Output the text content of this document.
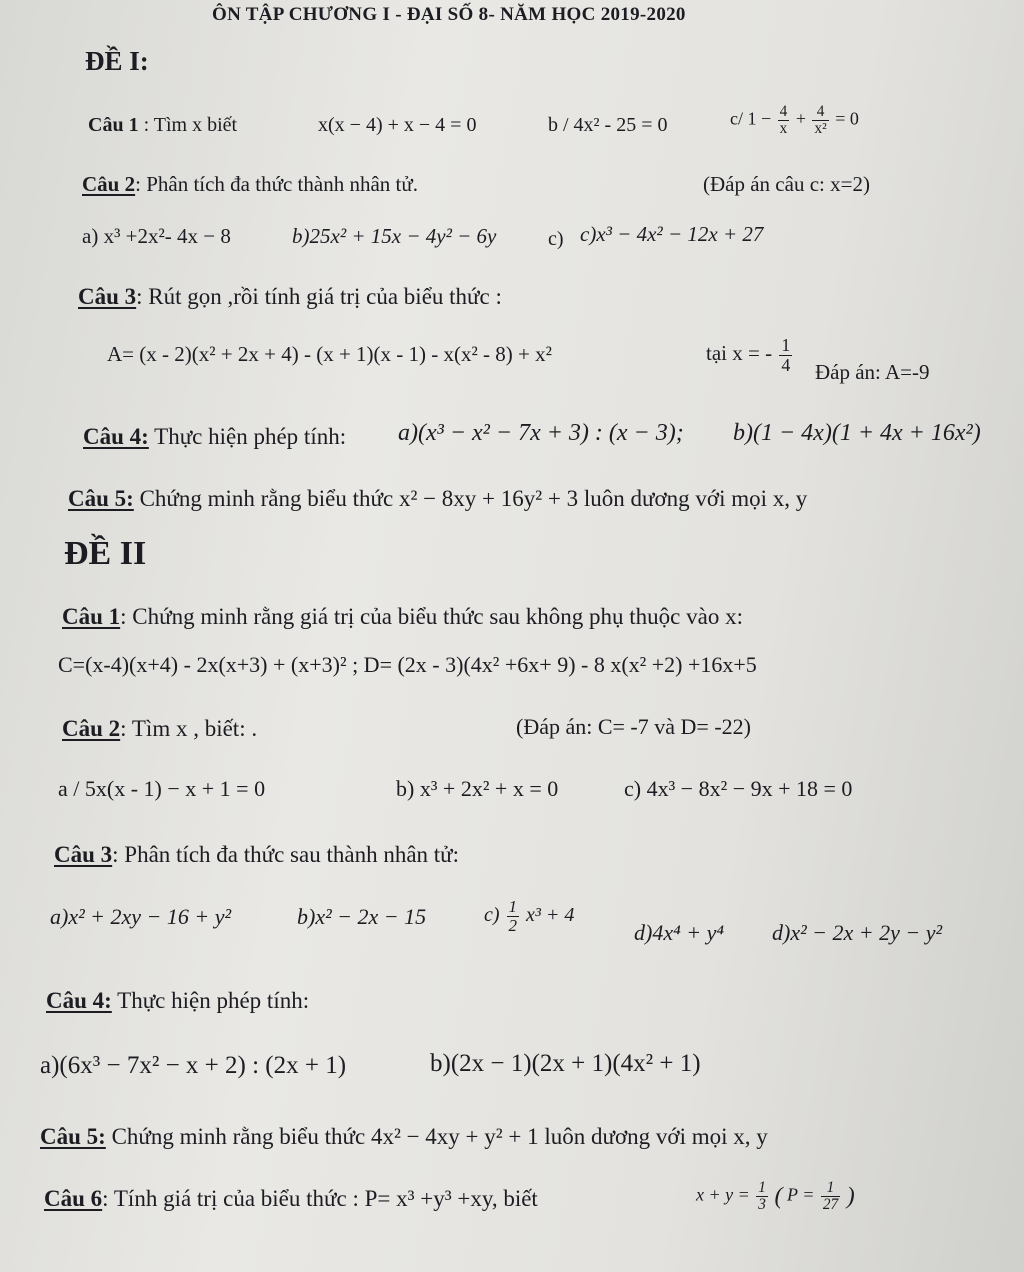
ÔN TẬP CHƯƠNG I - ĐẠI SỐ 8- NĂM HỌC 2019-2020
ĐỀ I:
Câu 1 : Tìm x biết	x(x − 4) + x − 4 = 0	b / 4x² - 25 = 0	c/ $1 - \frac{4}{x} + \frac{4}{\text{x²}} = 0$
Câu 2: Phân tích đa thức thành nhân tử.	(Đáp án câu c: x=2)
a) x³ +2x²- 4x − 8	b)25x² + 15x − 4y² − 6y	c) c)x³ − 4x² − 12x + 27
Câu 3: Rút gọn ,rồi tính giá trị của biểu thức :
A= (x - 2)(x² + 2x + 4) - (x + 1)(x - 1) - x(x² - 8) + x²	tại x = - $\frac{1}{4}$ Đáp án: A=-9
Câu 4: Thực hiện phép tính: a)(x³ − x² − 7x + 3) : (x − 3); b)(1 − 4x)(1 + 4x + 16x²)
Câu 5: Chứng minh rằng biểu thức x² − 8xy + 16y² + 3 luôn dương với mọi x, y
ĐỀ II
Câu 1: Chứng minh rằng giá trị của biểu thức sau không phụ thuộc vào x:
C=(x-4)(x+4) - 2x(x+3) + (x+3)² ; D= (2x - 3)(4x² +6x+ 9) - 8 x(x² +2) +16x+5
Câu 2: Tìm x , biết: .	(Đáp án: C= -7 và D= -22)
a / 5x(x - 1) − x + 1 = 0	b) x³ + 2x² + x = 0	c) 4x³ − 8x² − 9x + 18 = 0
Câu 3: Phân tích đa thức sau thành nhân tử:
a)x² + 2xy − 16 + y²	b)x² − 2x − 15	$c) \frac{1}{2} x^3 + 4$
d)4x⁴ + y⁴ d)x² − 2x + 2y − y²
Câu 4: Thực hiện phép tính:
a)(6x³ − 7x² − x + 2) : (2x + 1)	b)(2x − 1)(2x + 1)(4x² + 1)
Câu 5: Chứng minh rằng biểu thức 4x² − 4xy + y² + 1 luôn dương với mọi x, y
Câu 6: Tính giá trị của biểu thức : P= x³ +y³ +xy, biết	$x + y = \frac{1}{3}$ ( $P = \frac{1}{27}$ )
